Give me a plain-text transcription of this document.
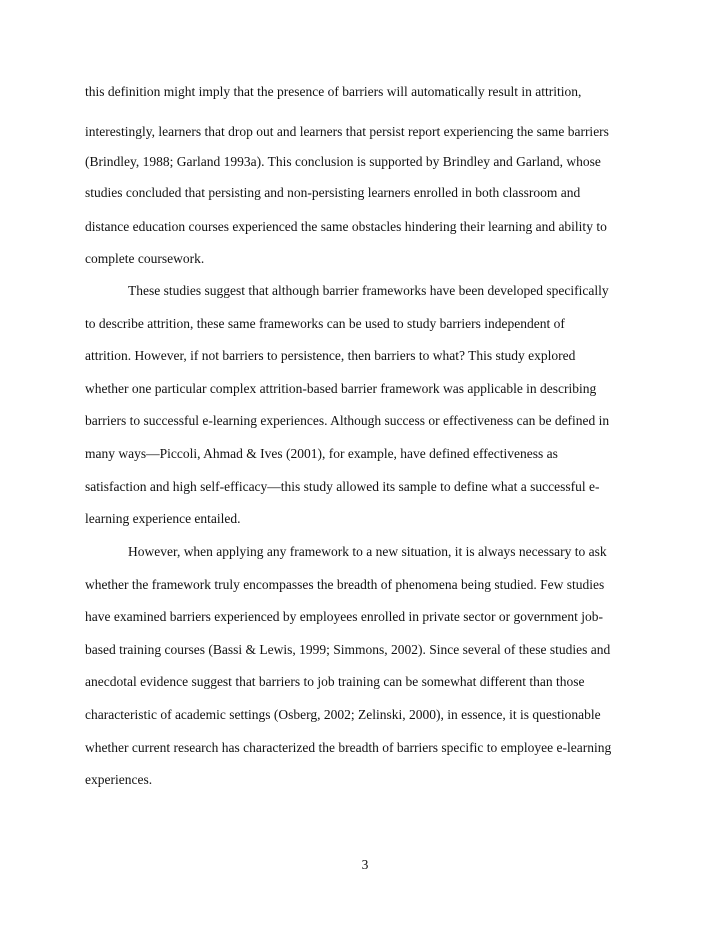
this definition might imply that the presence of barriers will automatically result in attrition,
interestingly, learners that drop out and learners that persist report experiencing the same barriers
(Brindley, 1988; Garland 1993a). This conclusion is supported by Brindley and Garland, whose
studies concluded that persisting and non-persisting learners enrolled in both classroom and
distance education courses experienced the same obstacles hindering their learning and ability to
complete coursework.
These studies suggest that although barrier frameworks have been developed specifically
to describe attrition, these same frameworks can be used to study barriers independent of
attrition. However, if not barriers to persistence, then barriers to what? This study explored
whether one particular complex attrition-based barrier framework was applicable in describing
barriers to successful e-learning experiences. Although success or effectiveness can be defined in
many ways—Piccoli, Ahmad & Ives (2001), for example, have defined effectiveness as
satisfaction and high self-efficacy—this study allowed its sample to define what a successful e-
learning experience entailed.
However, when applying any framework to a new situation, it is always necessary to ask
whether the framework truly encompasses the breadth of phenomena being studied. Few studies
have examined barriers experienced by employees enrolled in private sector or government job-
based training courses (Bassi & Lewis, 1999; Simmons, 2002). Since several of these studies and
anecdotal evidence suggest that barriers to job training can be somewhat different than those
characteristic of academic settings (Osberg, 2002; Zelinski, 2000), in essence, it is questionable
whether current research has characterized the breadth of barriers specific to employee e-learning
experiences.
3
